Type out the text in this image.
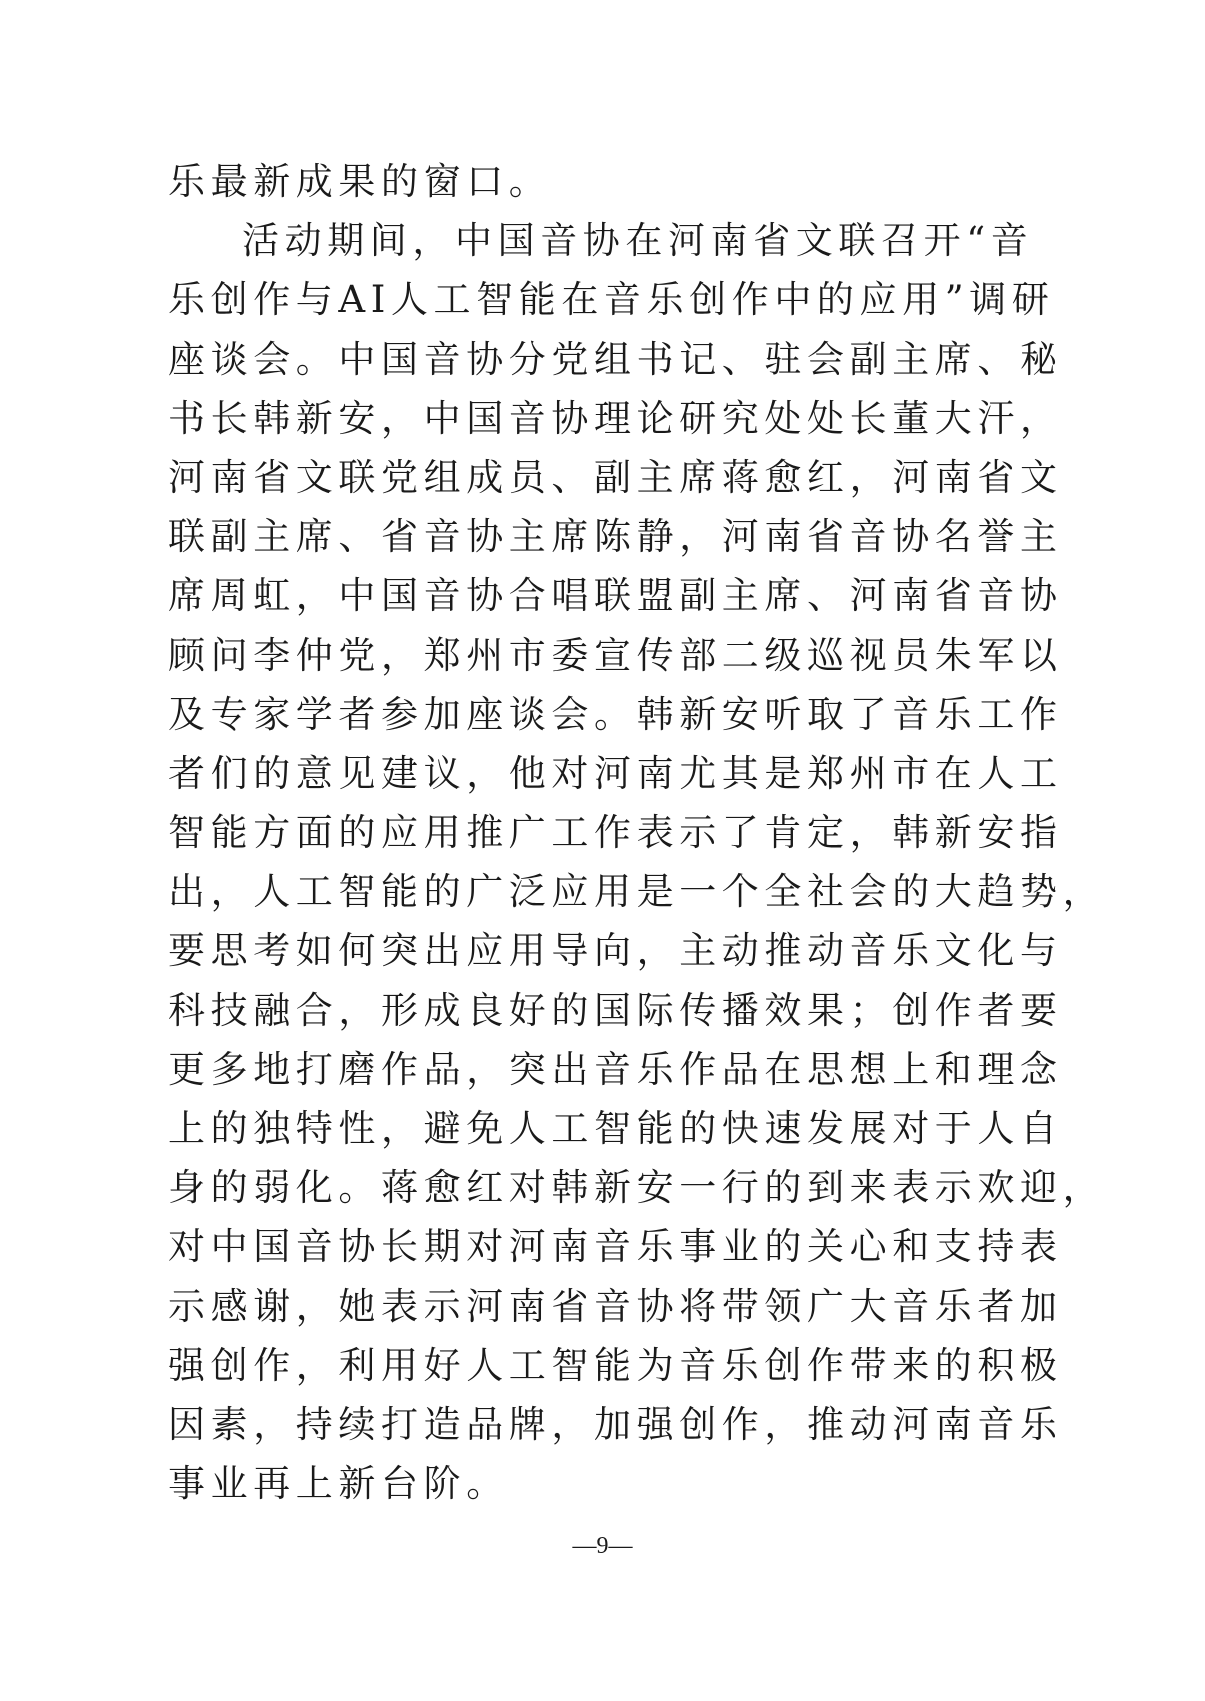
乐最新成果的窗口。
活动期间，中国音协在河南省文联召开“音
乐创作与AI人工智能在音乐创作中的应用”调研
座谈会。中国音协分党组书记、驻会副主席、秘
书长韩新安，中国音协理论研究处处长董大汗，
河南省文联党组成员、副主席蒋愈红，河南省文
联副主席、省音协主席陈静，河南省音协名誉主
席周虹，中国音协合唱联盟副主席、河南省音协
顾问李仲党，郑州市委宣传部二级巡视员朱军以
及专家学者参加座谈会。韩新安听取了音乐工作
者们的意见建议，他对河南尤其是郑州市在人工
智能方面的应用推广工作表示了肯定，韩新安指
出，人工智能的广泛应用是一个全社会的大趋势，
要思考如何突出应用导向，主动推动音乐文化与
科技融合，形成良好的国际传播效果；创作者要
更多地打磨作品，突出音乐作品在思想上和理念
上的独特性，避免人工智能的快速发展对于人自
身的弱化。蒋愈红对韩新安一行的到来表示欢迎，
对中国音协长期对河南音乐事业的关心和支持表
示感谢，她表示河南省音协将带领广大音乐者加
强创作，利用好人工智能为音乐创作带来的积极
因素，持续打造品牌，加强创作，推动河南音乐
事业再上新台阶。
—9—
